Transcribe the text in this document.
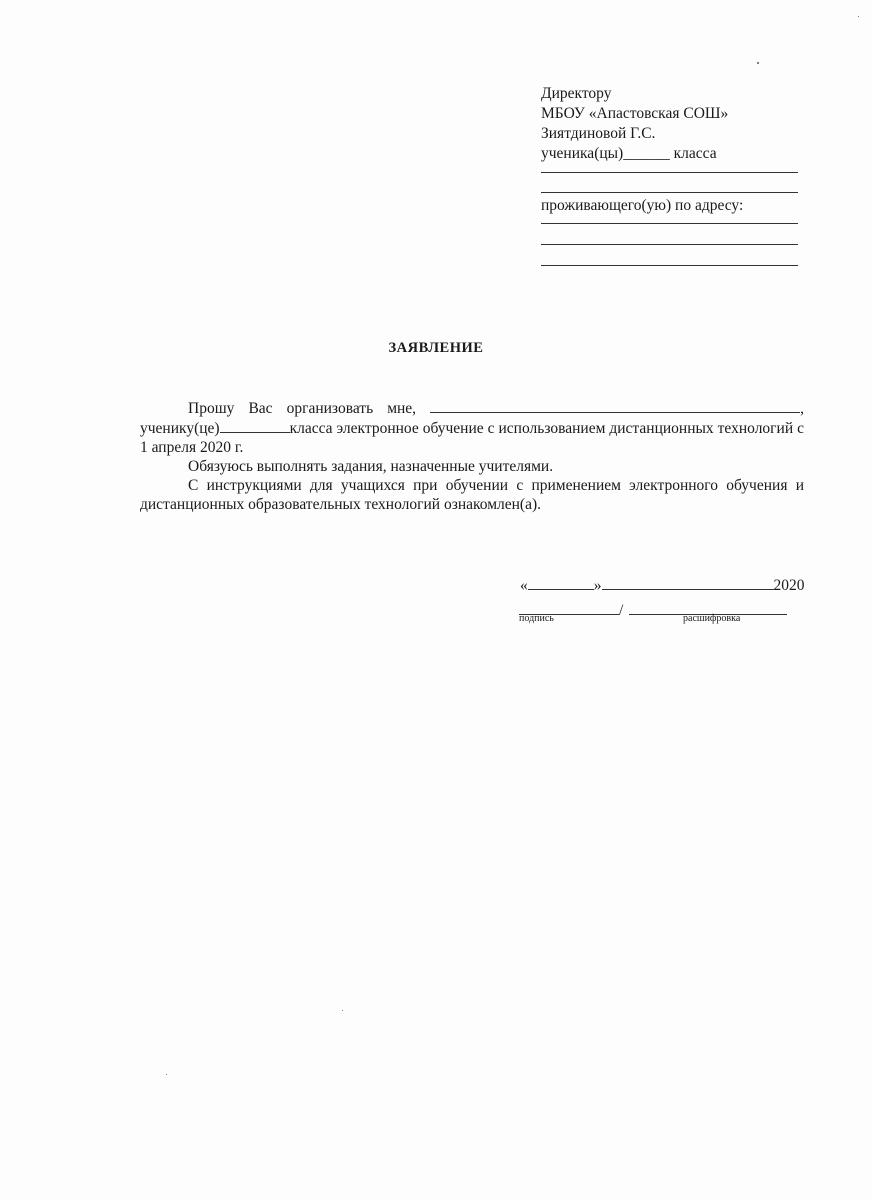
Директору
МБОУ «Апастовская СОШ»
Зиятдиновой Г.С.
ученика(цы)______ класса
проживающего(ую) по адресу:
ЗАЯВЛЕНИЕ

Прошу Вас организовать мне,	,

ученику(це)	класса электронное обучение с использованием дистанционных технологий с 1 апреля 2020 г.

Обязуюсь выполнять задания, назначенные учителями.

С инструкциями для учащихся при обучении с применением электронного обучения и дистанционных образовательных технологий ознакомлен(а).

«	»	2020
/
подпись	расшифровка
